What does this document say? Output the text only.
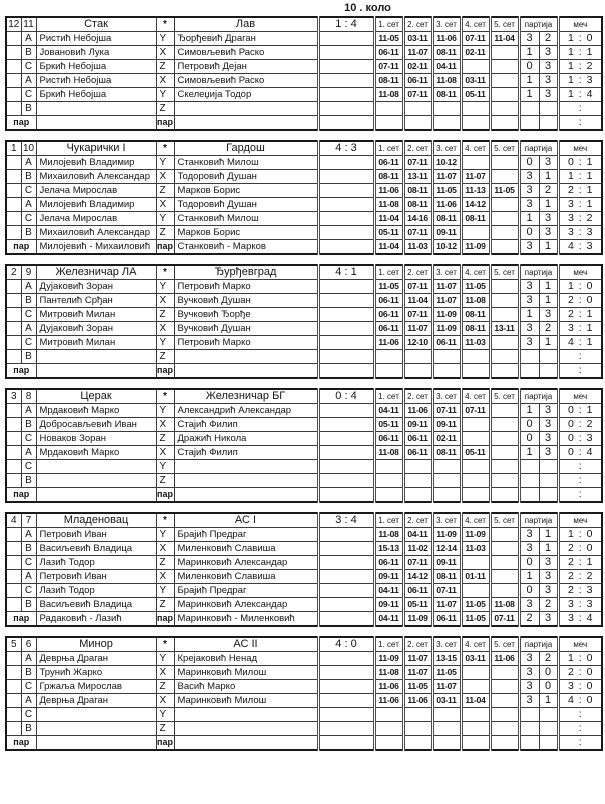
10 . коло
12	11	Стак	*	Лав	1 : 4	1. сет	2. сет	3. сет	4. сет	5. сет	партија		меч
	A	Ристић Небојша	Y	Ђорђевић Драган		11-05	03-11	11-06	07-11	11-04	3	2	1 : 0
	B	Јовановић Лука	X	Симовљевић Раско		06-11	11-07	08-11	02-11		1	3	1 : 1
	C	Бркић Небојша	Z	Петровић Дејан		07-11	02-11	04-11			0	3	1 : 2
	A	Ристић Небојша	X	Симовљевић Раско		08-11	06-11	11-08	03-11		1	3	1 : 3
	C	Бркић Небојша	Y	Скелеџија Тодор		11-08	07-11	08-11	05-11		1	3	1 : 4
	B		Z										:
пар			пар										:
1	10	Чукарички I	*	Гардош	4 : 3	1. сет	2. сет	3. сет	4. сет	5. сет	партија		меч
	A	Милојевић Владимир	Y	Станковић Милош		06-11	07-11	10-12			0	3	0 : 1
	B	Михаиловић Александар	X	Тодоровић Душан		08-11	13-11	11-07	11-07		3	1	1 : 1
	C	Јелача Мирослав	Z	Марков Борис		11-06	08-11	11-05	11-13	11-05	3	2	2 : 1
	A	Милојевић Владимир	X	Тодоровић Душан		11-08	08-11	11-06	14-12		3	1	3 : 1
	C	Јелача Мирослав	Y	Станковић Милош		11-04	14-16	08-11	08-11		1	3	3 : 2
	B	Михаиловић Александар	Z	Марков Борис		05-11	07-11	09-11			0	3	3 : 3
пар		Милојевић - Михаиловић	пар	Станковић - Марков		11-04	11-03	10-12	11-09		3	1	4 : 3
2	9	Железничар ЛА	*	Ђурђевград	4 : 1	1. сет	2. сет	3. сет	4. сет	5. сет	партија		меч
	A	Дујаковић Зоран	Y	Петровић Марко		11-05	07-11	11-07	11-05		3	1	1 : 0
	B	Пантелић Срђан	X	Вучковић Душан		06-11	11-04	11-07	11-08		3	1	2 : 0
	C	Митровић Милан	Z	Вучковић Ђорђе		06-11	07-11	11-09	08-11		1	3	2 : 1
	A	Дујаковић Зоран	X	Вучковић Душан		06-11	11-07	11-09	08-11	13-11	3	2	3 : 1
	C	Митровић Милан	Y	Петровић Марко		11-06	12-10	06-11	11-03		3	1	4 : 1
	B		Z										:
пар			пар										:
3	8	Церак	*	Железничар БГ	0 : 4	1. сет	2. сет	3. сет	4. сет	5. сет	партија		меч
	A	Мрдаковић Марко	Y	Александрић Александар		04-11	11-06	07-11	07-11		1	3	0 : 1
	B	Добросављевић Иван	X	Стајић Филип		05-11	09-11	09-11			0	3	0 : 2
	C	Новаков Зоран	Z	Дражић Никола		06-11	06-11	02-11			0	3	0 : 3
	A	Мрдаковић Марко	X	Стајић Филип		11-08	06-11	08-11	05-11		1	3	0 : 4
	C		Y										:
	B		Z										:
пар			пар										:
4	7	Младеновац	*	АС I	3 : 4	1. сет	2. сет	3. сет	4. сет	5. сет	партија		меч
	A	Петровић Иван	Y	Брајић Предраг		11-08	04-11	11-09	11-09		3	1	1 : 0
	B	Васиљевић Владица	X	Миленковић Славиша		15-13	11-02	12-14	11-03		3	1	2 : 0
	C	Лазић Тодор	Z	Маринковић Александар		06-11	07-11	09-11			0	3	2 : 1
	A	Петровић Иван	X	Миленковић Славиша		09-11	14-12	08-11	01-11		1	3	2 : 2
	C	Лазић Тодор	Y	Брајић Предраг		04-11	06-11	07-11			0	3	2 : 3
	B	Васиљевић Владица	Z	Маринковић Александар		09-11	05-11	11-07	11-05	11-08	3	2	3 : 3
пар		Радаковић - Лазић	пар	Маринковић - Миленковић		04-11	11-09	06-11	11-05	07-11	2	3	3 : 4
5	6	Минор	*	АС II	4 : 0	1. сет	2. сет	3. сет	4. сет	5. сет	партија		меч
	A	Деврња Драган	Y	Крејаковић Ненад		11-09	11-07	13-15	03-11	11-06	3	2	1 : 0
	B	Трунић Жарко	X	Маринковић Милош		11-08	11-07	11-05			3	0	2 : 0
	C	Гржаља Мирослав	Z	Васић Марко		11-06	11-05	11-07			3	0	3 : 0
	A	Деврња Драган	X	Маринковић Милош		11-06	11-06	03-11	11-04		3	1	4 : 0
	C		Y										:
	B		Z										:
пар			пар										:
